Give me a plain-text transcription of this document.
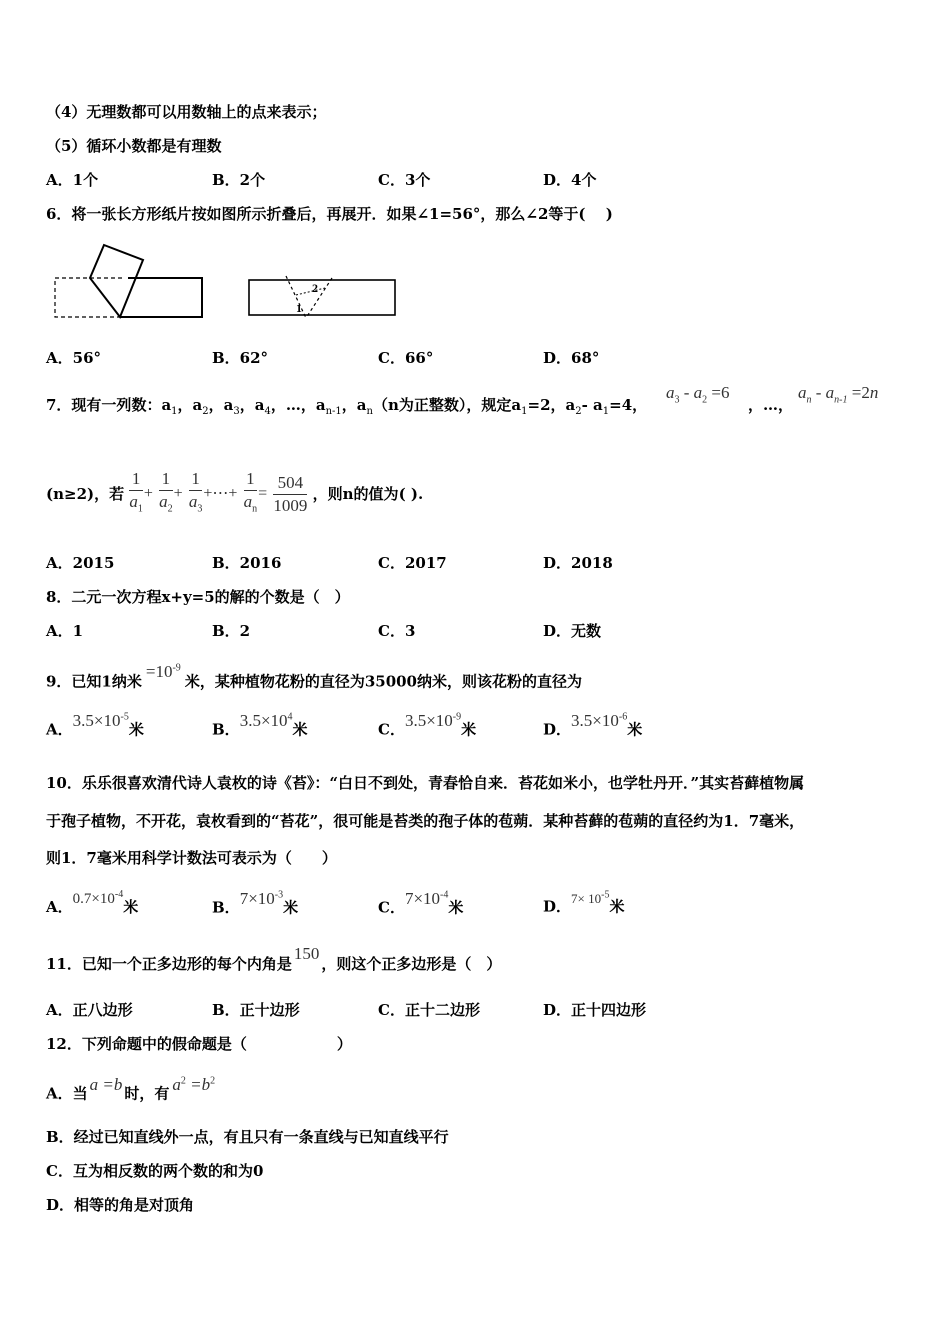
（4）无理数都可以用数轴上的点来表示；
（5）循环小数都是有理数
A．1个	B．2个	C．3个	D．4个
6．将一张长方形纸片按如图所示折叠后，再展开．如果∠1=56°，那么∠2等于(　 )
2
1
A．56°	B．62°	C．66°	D．68°
7．现有一列数：$a_1$，$a_2$，$a_3$，$a_4$，…，$a_{n-1}$，$a_n(n$为正整数），规定$a_1=2$，$a_2-$ $a_1=4$，
$a_3 - a_2 =6$
，…，
$a_n - a_{n-1} =2n$
(n≥2)，若 $\frac{1}{a_1} + \frac{1}{a_2} + \frac{1}{a_3}$ +⋯+ $\frac{1}{a_n} = \frac{504}{1009}$ ，则n的值为( ).
A．2015	B．2016	C．2017	D．2018
8．二元一次方程x+y=5的解的个数是（　）
A．1	B．2	C．3	D．无数
9．已知1纳米$=10^{-9}$米，某种植物花粉的直径为35000纳米，则该花粉的直径为
A．$3.5\times 10^{-5}$米	B．$3.5\times 10^4$米	C．$3.5\times 10^{-9}$米	D．$3.5\times 10^{-6}$米
10．乐乐很喜欢清代诗人袁枚的诗《苔》：“白日不到处，青春恰自来．苔花如米小，也学牡丹开．”其实苔藓植物属
于孢子植物，不开花，袁枚看到的“苔花”，很可能是苔类的孢子体的苞蒴．某种苔藓的苞蒴的直径约为1．7毫米，
则1．7毫米用科学计数法可表示为（　　）
A．$0.7\times 10^{-4}$米	B．$7\times 10^{-3}$米	C．$7\times 10^{-4}$米	D．$7\times 10^{-5}$米
11．已知一个正多边形的每个内角是150，则这个正多边形是（　）
A．正八边形	B．正十边形	C．正十二边形	D．正十四边形
12．下列命题中的假命题是（　　　　　　）
A．当 a =b 时，有 $a^2 =b^2$
B．经过已知直线外一点，有且只有一条直线与已知直线平行
C．互为相反数的两个数的和为0
D．相等的角是对顶角
